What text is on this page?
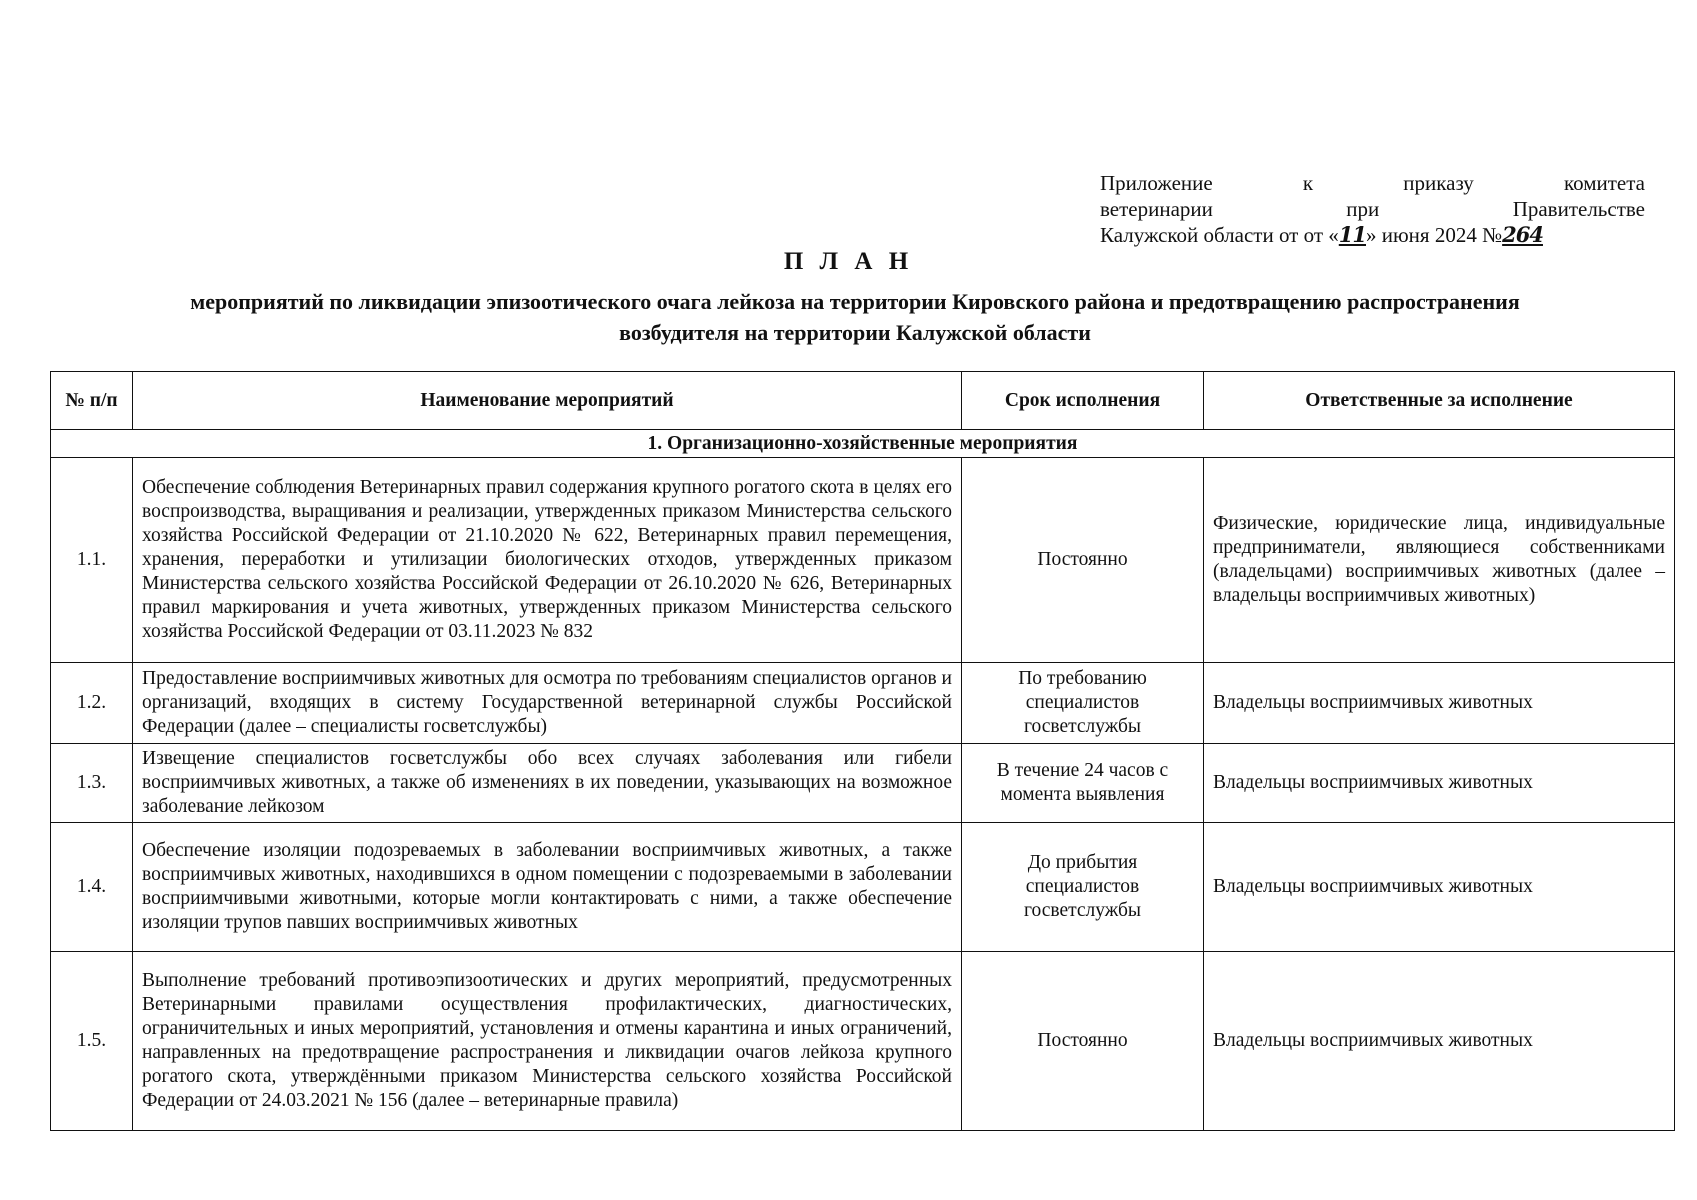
Приложение к приказу комитета
ветеринарии при Правительстве
Калужской области от от «11» июня 2024 №264
П Л А Н
мероприятий по ликвидации эпизоотического очага лейкоза на территории Кировского района и предотвращению распространения возбудителя на территории Калужской области
№ п/п	Наименование мероприятий	Срок исполнения	Ответственные за исполнение
1. Организационно-хозяйственные мероприятия			
1.1.	Обеспечение соблюдения Ветеринарных правил содержания крупного рогатого скота в целях его воспроизводства, выращивания и реализации, утвержденных приказом Министерства сельского хозяйства Российской Федерации от 21.10.2020 № 622, Ветеринарных правил перемещения, хранения, переработки и утилизации биологических отходов, утвержденных приказом Министерства сельского хозяйства Российской Федерации от 26.10.2020 № 626, Ветеринарных правил маркирования и учета животных, утвержденных приказом Министерства сельского хозяйства Российской Федерации от 03.11.2023 № 832	Постоянно	Физические, юридические лица, индивидуальные предприниматели, являющиеся собственниками (владельцами) восприимчивых животных (далее – владельцы восприимчивых животных)
1.2.	Предоставление восприимчивых животных для осмотра по требованиям специалистов органов и организаций, входящих в систему Государственной ветеринарной службы Российской Федерации (далее – специалисты госветслужбы)	По требованию специалистов госветслужбы	Владельцы восприимчивых животных
1.3.	Извещение специалистов госветслужбы обо всех случаях заболевания или гибели восприимчивых животных, а также об изменениях в их поведении, указывающих на возможное заболевание лейкозом	В течение 24 часов с момента выявления	Владельцы восприимчивых животных
1.4.	Обеспечение изоляции подозреваемых в заболевании восприимчивых животных, а также восприимчивых животных, находившихся в одном помещении с подозреваемыми в заболевании восприимчивыми животными, которые могли контактировать с ними, а также обеспечение изоляции трупов павших восприимчивых животных	До прибытия специалистов госветслужбы	Владельцы восприимчивых животных
1.5.	Выполнение требований противоэпизоотических и других мероприятий, предусмотренных Ветеринарными правилами осуществления профилактических, диагностических, ограничительных и иных мероприятий, установления и отмены карантина и иных ограничений, направленных на предотвращение распространения и ликвидации очагов лейкоза крупного рогатого скота, утверждёнными приказом Министерства сельского хозяйства Российской Федерации от 24.03.2021 № 156 (далее – ветеринарные правила)	Постоянно	Владельцы восприимчивых животных
